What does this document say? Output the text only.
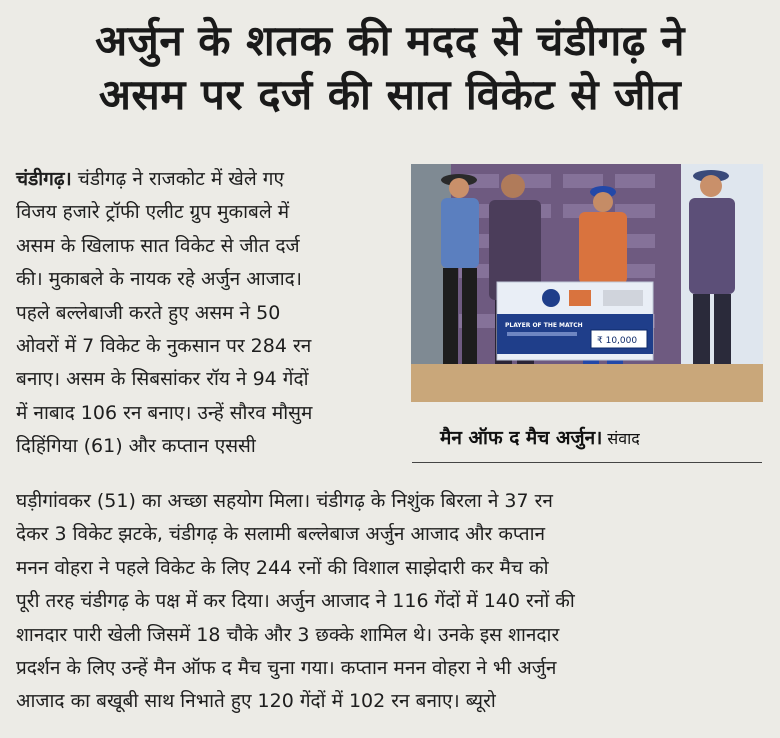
अर्जुन के शतक की मदद से चंडीगढ़ ने
असम पर दर्ज की सात विकेट से जीत
चंडीगढ़। चंडीगढ़ ने राजकोट में खेले गए
विजय हजारे ट्रॉफी एलीट ग्रुप मुकाबले में
असम के खिलाफ सात विकेट से जीत दर्ज
की। मुकाबले के नायक रहे अर्जुन आजाद।
पहले बल्लेबाजी करते हुए असम ने 50
ओवरों में 7 विकेट के नुकसान पर 284 रन
बनाए। असम के सिबसांकर रॉय ने 94 गेंदों
में नाबाद 106 रन बनाए। उन्हें सौरव मौसुम
दिहिंगिया (61) और कप्तान एससी
PLAYER OF THE MATCH
₹ 10,000
मैन ऑफ द मैच अर्जुन। संवाद
घड़ीगांवकर (51) का अच्छा सहयोग मिला। चंडीगढ़ के निशुंक बिरला ने 37 रन
देकर 3 विकेट झटके, चंडीगढ़ के सलामी बल्लेबाज अर्जुन आजाद और कप्तान
मनन वोहरा ने पहले विकेट के लिए 244 रनों की विशाल साझेदारी कर मैच को
पूरी तरह चंडीगढ़ के पक्ष में कर दिया। अर्जुन आजाद ने 116 गेंदों में 140 रनों की
शानदार पारी खेली जिसमें 18 चौके और 3 छक्के शामिल थे। उनके इस शानदार
प्रदर्शन के लिए उन्हें मैन ऑफ द मैच चुना गया। कप्तान मनन वोहरा ने भी अर्जुन
आजाद का बखूबी साथ निभाते हुए 120 गेंदों में 102 रन बनाए। ब्यूरो
